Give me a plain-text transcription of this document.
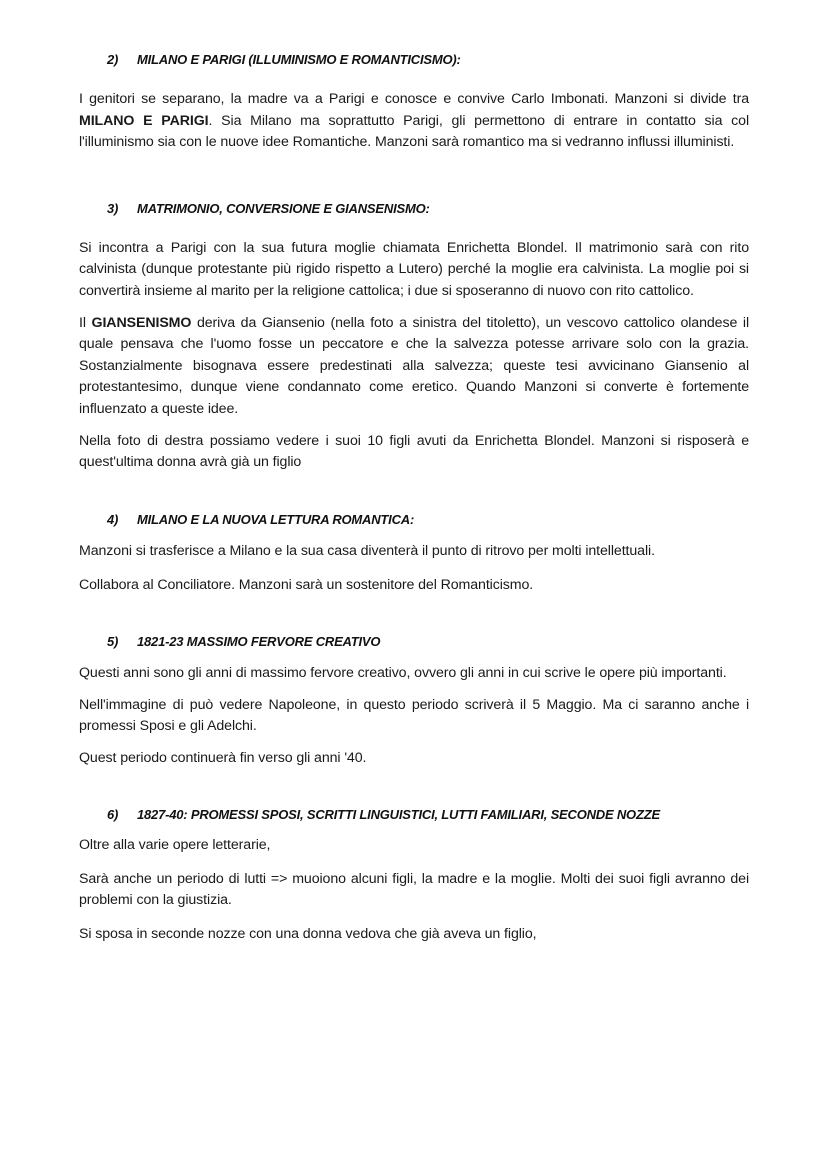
2) MILANO E PARIGI (ILLUMINISMO E ROMANTICISMO):

I genitori se separano, la madre va a Parigi e conosce e convive Carlo Imbonati. Manzoni si divide tra MILANO E PARIGI. Sia Milano ma soprattutto Parigi, gli permettono di entrare in contatto sia col l'illuminismo sia con le nuove idee Romantiche. Manzoni sarà romantico ma si vedranno influssi illuministi.

3) MATRIMONIO, CONVERSIONE E GIANSENISMO:

Si incontra a Parigi con la sua futura moglie chiamata Enrichetta Blondel. Il matrimonio sarà con rito calvinista (dunque protestante più rigido rispetto a Lutero) perché la moglie era calvinista. La moglie poi si convertirà insieme al marito per la religione cattolica; i due si sposeranno di nuovo con rito cattolico.

Il GIANSENISMO deriva da Giansenio (nella foto a sinistra del titoletto), un vescovo cattolico olandese il quale pensava che l'uomo fosse un peccatore e che la salvezza potesse arrivare solo con la grazia. Sostanzialmente bisognava essere predestinati alla salvezza; queste tesi avvicinano Giansenio al protestantesimo, dunque viene condannato come eretico. Quando Manzoni si converte è fortemente influenzato a queste idee.

Nella foto di destra possiamo vedere i suoi 10 figli avuti da Enrichetta Blondel. Manzoni si risposerà e quest'ultima donna avrà già un figlio

4) MILANO E LA NUOVA LETTURA ROMANTICA:

Manzoni si trasferisce a Milano e la sua casa diventerà il punto di ritrovo per molti intellettuali.

Collabora al Conciliatore. Manzoni sarà un sostenitore del Romanticismo.

5) 1821-23 MASSIMO FERVORE CREATIVO

Questi anni sono gli anni di massimo fervore creativo, ovvero gli anni in cui scrive le opere più importanti.

Nell'immagine di può vedere Napoleone, in questo periodo scriverà il 5 Maggio. Ma ci saranno anche i promessi Sposi e gli Adelchi.

Quest periodo continuerà fin verso gli anni '40.

6) 1827-40: PROMESSI SPOSI, SCRITTI LINGUISTICI, LUTTI FAMILIARI, SECONDE NOZZE

Oltre alla varie opere letterarie,

Sarà anche un periodo di lutti => muoiono alcuni figli, la madre e la moglie. Molti dei suoi figli avranno dei problemi con la giustizia.

Si sposa in seconde nozze con una donna vedova che già aveva un figlio,
